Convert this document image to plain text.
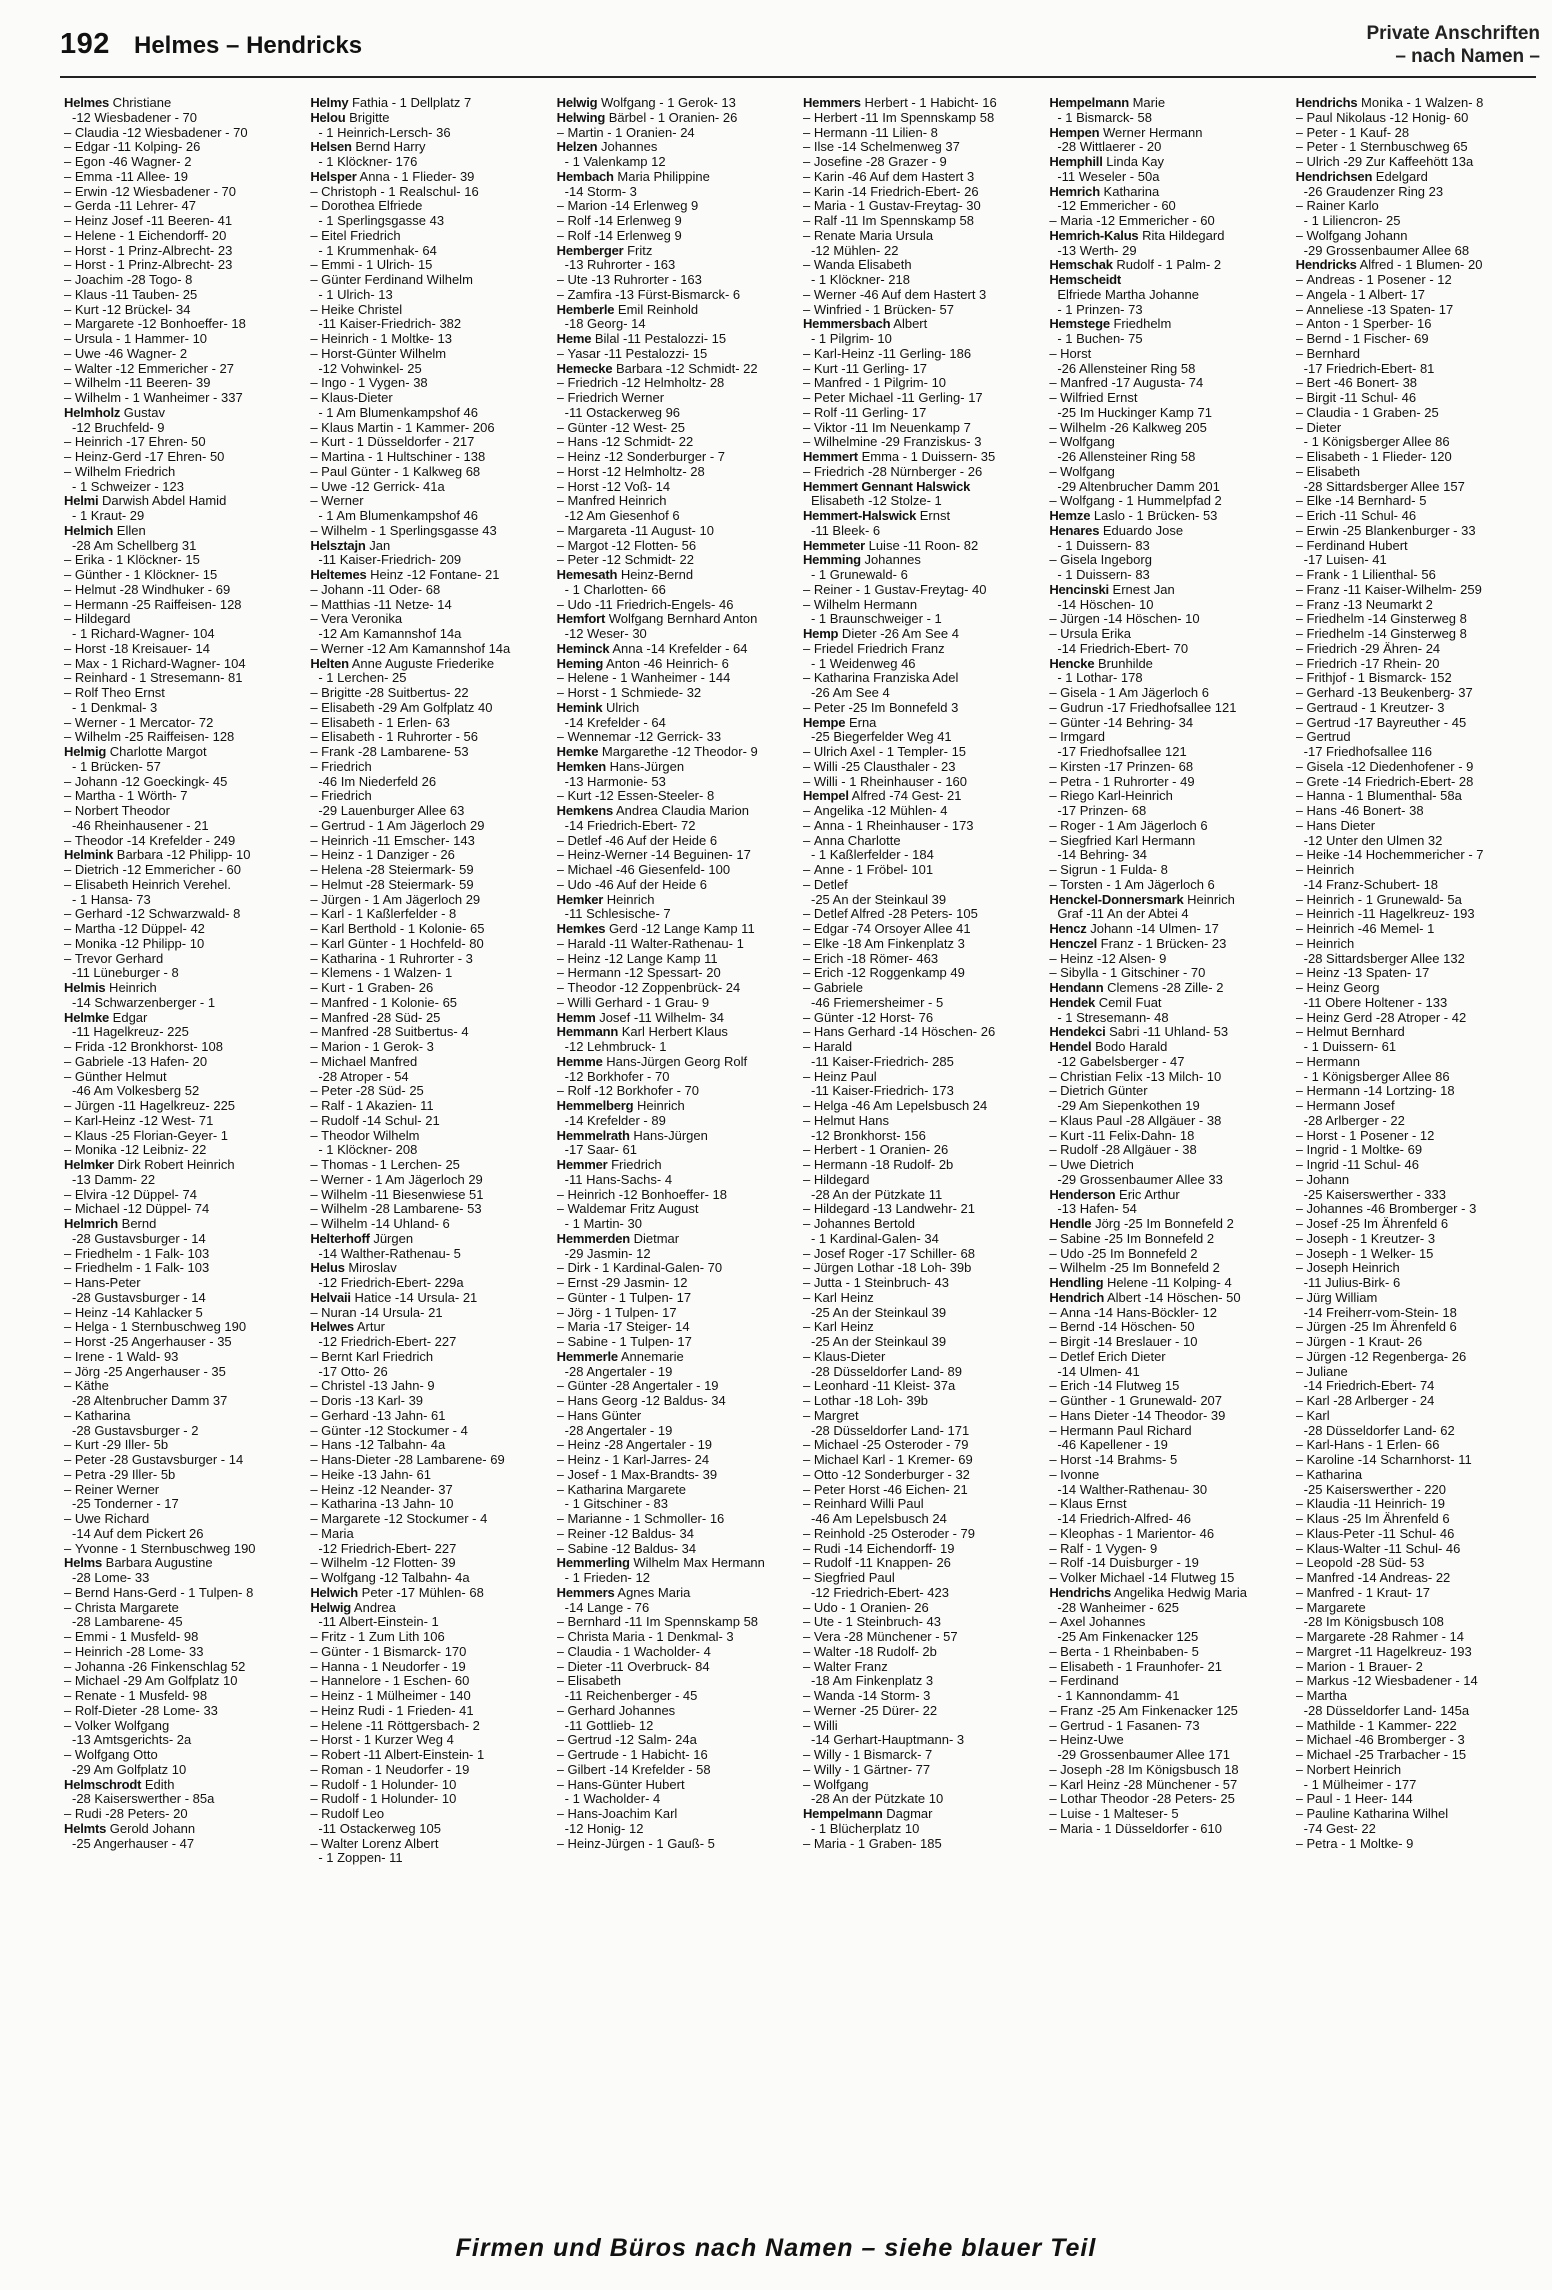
192 Helmes – Hendricks	Private Anschriften
– nach Namen –
Helmes Christiane
-12 Wiesbadener - 70
– Claudia -12 Wiesbadener - 70
– Edgar -11 Kolping- 26
– Egon -46 Wagner- 2
– Emma -11 Allee- 19
– Erwin -12 Wiesbadener - 70
– Gerda -11 Lehrer- 47
– Heinz Josef -11 Beeren- 41
– Helene - 1 Eichendorff- 20
– Horst - 1 Prinz-Albrecht- 23
– Horst - 1 Prinz-Albrecht- 23
– Joachim -28 Togo- 8
– Klaus -11 Tauben- 25
– Kurt -12 Brückel- 34
– Margarete -12 Bonhoeffer- 18
– Ursula - 1 Hammer- 10
– Uwe -46 Wagner- 2
– Walter -12 Emmericher - 27
– Wilhelm -11 Beeren- 39
– Wilhelm - 1 Wanheimer - 337
Helmholz Gustav
-12 Bruchfeld- 9
– Heinrich -17 Ehren- 50
– Heinz-Gerd -17 Ehren- 50
– Wilhelm Friedrich
- 1 Schweizer - 123
Helmi Darwish Abdel Hamid
- 1 Kraut- 29
Helmich Ellen
-28 Am Schellberg 31
– Erika - 1 Klöckner- 15
– Günther - 1 Klöckner- 15
– Helmut -28 Windhuker - 69
– Hermann -25 Raiffeisen- 128
– Hildegard
- 1 Richard-Wagner- 104
– Horst -18 Kreisauer- 14
– Max - 1 Richard-Wagner- 104
– Reinhard - 1 Stresemann- 81
– Rolf Theo Ernst
- 1 Denkmal- 3
– Werner - 1 Mercator- 72
– Wilhelm -25 Raiffeisen- 128
Helmig Charlotte Margot
- 1 Brücken- 57
– Johann -12 Goeckingk- 45
– Martha - 1 Wörth- 7
– Norbert Theodor
-46 Rheinhausener - 21
– Theodor -14 Krefelder - 249
Helmink Barbara -12 Philipp- 10
– Dietrich -12 Emmericher - 60
– Elisabeth Heinrich Verehel.
- 1 Hansa- 73
– Gerhard -12 Schwarzwald- 8
– Martha -12 Düppel- 42
– Monika -12 Philipp- 10
– Trevor Gerhard
-11 Lüneburger - 8
Helmis Heinrich
-14 Schwarzenberger - 1
Helmke Edgar
-11 Hagelkreuz- 225
– Frida -12 Bronkhorst- 108
– Gabriele -13 Hafen- 20
– Günther Helmut
-46 Am Volkesberg 52
– Jürgen -11 Hagelkreuz- 225
– Karl-Heinz -12 West- 71
– Klaus -25 Florian-Geyer- 1
– Monika -12 Leibniz- 22
Helmker Dirk Robert Heinrich
-13 Damm- 22
– Elvira -12 Düppel- 74
– Michael -12 Düppel- 74
Helmrich Bernd
-28 Gustavsburger - 14
– Friedhelm - 1 Falk- 103
– Friedhelm - 1 Falk- 103
– Hans-Peter
-28 Gustavsburger - 14
– Heinz -14 Kahlacker 5
– Helga - 1 Sternbuschweg 190
– Horst -25 Angerhauser - 35
– Irene - 1 Wald- 93
– Jörg -25 Angerhauser - 35
– Käthe
-28 Altenbrucher Damm 37
– Katharina
-28 Gustavsburger - 2
– Kurt -29 Iller- 5b
– Peter -28 Gustavsburger - 14
– Petra -29 Iller- 5b
– Reiner Werner
-25 Tonderner - 17
– Uwe Richard
-14 Auf dem Pickert 26
– Yvonne - 1 Sternbuschweg 190
Helms Barbara Augustine
-28 Lome- 33
– Bernd Hans-Gerd - 1 Tulpen- 8
– Christa Margarete
-28 Lambarene- 45
– Emmi - 1 Musfeld- 98
– Heinrich -28 Lome- 33
– Johanna -26 Finkenschlag 52
– Michael -29 Am Golfplatz 10
– Renate - 1 Musfeld- 98
– Rolf-Dieter -28 Lome- 33
– Volker Wolfgang
-13 Amtsgerichts- 2a
– Wolfgang Otto
-29 Am Golfplatz 10
Helmschrodt Edith
-28 Kaiserswerther - 85a
– Rudi -28 Peters- 20
Helmts Gerold Johann
-25 Angerhauser - 47
Helmy Fathia - 1 Dellplatz 7
Helou Brigitte
- 1 Heinrich-Lersch- 36
Helsen Bernd Harry
- 1 Klöckner- 176
Helsper Anna - 1 Flieder- 39
– Christoph - 1 Realschul- 16
– Dorothea Elfriede
- 1 Sperlingsgasse 43
– Eitel Friedrich
- 1 Krummenhak- 64
– Emmi - 1 Ulrich- 15
– Günter Ferdinand Wilhelm
- 1 Ulrich- 13
– Heike Christel
-11 Kaiser-Friedrich- 382
– Heinrich - 1 Moltke- 13
– Horst-Günter Wilhelm
-12 Vohwinkel- 25
– Ingo - 1 Vygen- 38
– Klaus-Dieter
- 1 Am Blumenkampshof 46
– Klaus Martin - 1 Kammer- 206
– Kurt - 1 Düsseldorfer - 217
– Martina - 1 Hultschiner - 138
– Paul Günter - 1 Kalkweg 68
– Uwe -12 Gerrick- 41a
– Werner
- 1 Am Blumenkampshof 46
– Wilhelm - 1 Sperlingsgasse 43
Helsztajn Jan
-11 Kaiser-Friedrich- 209
Heltemes Heinz -12 Fontane- 21
– Johann -11 Oder- 68
– Matthias -11 Netze- 14
– Vera Veronika
-12 Am Kamannshof 14a
– Werner -12 Am Kamannshof 14a
Helten Anne Auguste Friederike
- 1 Lerchen- 25
– Brigitte -28 Suitbertus- 22
– Elisabeth -29 Am Golfplatz 40
– Elisabeth - 1 Erlen- 63
– Elisabeth - 1 Ruhrorter - 56
– Frank -28 Lambarene- 53
– Friedrich
-46 Im Niederfeld 26
– Friedrich
-29 Lauenburger Allee 63
– Gertrud - 1 Am Jägerloch 29
– Heinrich -11 Emscher- 143
– Heinz - 1 Danziger - 26
– Helena -28 Steiermark- 59
– Helmut -28 Steiermark- 59
– Jürgen - 1 Am Jägerloch 29
– Karl - 1 Kaßlerfelder - 8
– Karl Berthold - 1 Kolonie- 65
– Karl Günter - 1 Hochfeld- 80
– Katharina - 1 Ruhrorter - 3
– Klemens - 1 Walzen- 1
– Kurt - 1 Graben- 26
– Manfred - 1 Kolonie- 65
– Manfred -28 Süd- 25
– Manfred -28 Suitbertus- 4
– Marion - 1 Gerok- 3
– Michael Manfred
-28 Atroper - 54
– Peter -28 Süd- 25
– Ralf - 1 Akazien- 11
– Rudolf -14 Schul- 21
– Theodor Wilhelm
- 1 Klöckner- 208
– Thomas - 1 Lerchen- 25
– Werner - 1 Am Jägerloch 29
– Wilhelm -11 Biesenwiese 51
– Wilhelm -28 Lambarene- 53
– Wilhelm -14 Uhland- 6
Helterhoff Jürgen
-14 Walther-Rathenau- 5
Helus Miroslav
-12 Friedrich-Ebert- 229a
Helvaii Hatice -14 Ursula- 21
– Nuran -14 Ursula- 21
Helwes Artur
-12 Friedrich-Ebert- 227
– Bernt Karl Friedrich
-17 Otto- 26
– Christel -13 Jahn- 9
– Doris -13 Karl- 39
– Gerhard -13 Jahn- 61
– Günter -12 Stockumer - 4
– Hans -12 Talbahn- 4a
– Hans-Dieter -28 Lambarene- 69
– Heike -13 Jahn- 61
– Heinz -12 Neander- 37
– Katharina -13 Jahn- 10
– Margarete -12 Stockumer - 4
– Maria
-12 Friedrich-Ebert- 227
– Wilhelm -12 Flotten- 39
– Wolfgang -12 Talbahn- 4a
Helwich Peter -17 Mühlen- 68
Helwig Andrea
-11 Albert-Einstein- 1
– Fritz - 1 Zum Lith 106
– Günter - 1 Bismarck- 170
– Hanna - 1 Neudorfer - 19
– Hannelore - 1 Eschen- 60
– Heinz - 1 Mülheimer - 140
– Heinz Rudi - 1 Frieden- 41
– Helene -11 Röttgersbach- 2
– Horst - 1 Kurzer Weg 4
– Robert -11 Albert-Einstein- 1
– Roman - 1 Neudorfer - 19
– Rudolf - 1 Holunder- 10
– Rudolf - 1 Holunder- 10
– Rudolf Leo
-11 Ostackerweg 105
– Walter Lorenz Albert
- 1 Zoppen- 11
Helwig Wolfgang - 1 Gerok- 13
Helwing Bärbel - 1 Oranien- 26
– Martin - 1 Oranien- 24
Helzen Johannes
- 1 Valenkamp 12
Hembach Maria Philippine
-14 Storm- 3
– Marion -14 Erlenweg 9
– Rolf -14 Erlenweg 9
– Rolf -14 Erlenweg 9
Hemberger Fritz
-13 Ruhrorter - 163
– Ute -13 Ruhrorter - 163
– Zamfira -13 Fürst-Bismarck- 6
Hemberle Emil Reinhold
-18 Georg- 14
Heme Bilal -11 Pestalozzi- 15
– Yasar -11 Pestalozzi- 15
Hemecke Barbara -12 Schmidt- 22
– Friedrich -12 Helmholtz- 28
– Friedrich Werner
-11 Ostackerweg 96
– Günter -12 West- 25
– Hans -12 Schmidt- 22
– Heinz -12 Sonderburger - 7
– Horst -12 Helmholtz- 28
– Horst -12 Voß- 14
– Manfred Heinrich
-12 Am Giesenhof 6
– Margareta -11 August- 10
– Margot -12 Flotten- 56
– Peter -12 Schmidt- 22
Hemesath Heinz-Bernd
- 1 Charlotten- 66
– Udo -11 Friedrich-Engels- 46
Hemfort Wolfgang Bernhard Anton
-12 Weser- 30
Heminck Anna -14 Krefelder - 64
Heming Anton -46 Heinrich- 6
– Helene - 1 Wanheimer - 144
– Horst - 1 Schmiede- 32
Hemink Ulrich
-14 Krefelder - 64
– Wennemar -12 Gerrick- 33
Hemke Margarethe -12 Theodor- 9
Hemken Hans-Jürgen
-13 Harmonie- 53
– Kurt -12 Essen-Steeler- 8
Hemkens Andrea Claudia Marion
-14 Friedrich-Ebert- 72
– Detlef -46 Auf der Heide 6
– Heinz-Werner -14 Beguinen- 17
– Michael -46 Giesenfeld- 100
– Udo -46 Auf der Heide 6
Hemker Heinrich
-11 Schlesische- 7
Hemkes Gerd -12 Lange Kamp 11
– Harald -11 Walter-Rathenau- 1
– Heinz -12 Lange Kamp 11
– Hermann -12 Spessart- 20
– Theodor -12 Zoppenbrück- 24
– Willi Gerhard - 1 Grau- 9
Hemm Josef -11 Wilhelm- 34
Hemmann Karl Herbert Klaus
-12 Lehmbruck- 1
Hemme Hans-Jürgen Georg Rolf
-12 Borkhofer - 70
– Rolf -12 Borkhofer - 70
Hemmelberg Heinrich
-14 Krefelder - 89
Hemmelrath Hans-Jürgen
-17 Saar- 61
Hemmer Friedrich
-11 Hans-Sachs- 4
– Heinrich -12 Bonhoeffer- 18
– Waldemar Fritz August
- 1 Martin- 30
Hemmerden Dietmar
-29 Jasmin- 12
– Dirk - 1 Kardinal-Galen- 70
– Ernst -29 Jasmin- 12
– Günter - 1 Tulpen- 17
– Jörg - 1 Tulpen- 17
– Maria -17 Steiger- 14
– Sabine - 1 Tulpen- 17
Hemmerle Annemarie
-28 Angertaler - 19
– Günter -28 Angertaler - 19
– Hans Georg -12 Baldus- 34
– Hans Günter
-28 Angertaler - 19
– Heinz -28 Angertaler - 19
– Heinz - 1 Karl-Jarres- 24
– Josef - 1 Max-Brandts- 39
– Katharina Margarete
- 1 Gitschiner - 83
– Marianne - 1 Schmoller- 16
– Reiner -12 Baldus- 34
– Sabine -12 Baldus- 34
Hemmerling Wilhelm Max Hermann
- 1 Frieden- 12
Hemmers Agnes Maria
-14 Lange - 76
– Bernhard -11 Im Spennskamp 58
– Christa Maria - 1 Denkmal- 3
– Claudia - 1 Wacholder- 4
– Dieter -11 Overbruck- 84
– Elisabeth
-11 Reichenberger - 45
– Gerhard Johannes
-11 Gottlieb- 12
– Gertrud -12 Salm- 24a
– Gertrude - 1 Habicht- 16
– Gilbert -14 Krefelder - 58
– Hans-Günter Hubert
- 1 Wacholder- 4
– Hans-Joachim Karl
-12 Honig- 12
– Heinz-Jürgen - 1 Gauß- 5
Hemmers Herbert - 1 Habicht- 16
– Herbert -11 Im Spennskamp 58
– Hermann -11 Lilien- 8
– Ilse -14 Schelmenweg 37
– Josefine -28 Grazer - 9
– Karin -46 Auf dem Hastert 3
– Karin -14 Friedrich-Ebert- 26
– Maria - 1 Gustav-Freytag- 30
– Ralf -11 Im Spennskamp 58
– Renate Maria Ursula
-12 Mühlen- 22
– Wanda Elisabeth
- 1 Klöckner- 218
– Werner -46 Auf dem Hastert 3
– Winfried - 1 Brücken- 57
Hemmersbach Albert
- 1 Pilgrim- 10
– Karl-Heinz -11 Gerling- 186
– Kurt -11 Gerling- 17
– Manfred - 1 Pilgrim- 10
– Peter Michael -11 Gerling- 17
– Rolf -11 Gerling- 17
– Viktor -11 Im Neuenkamp 7
– Wilhelmine -29 Franziskus- 3
Hemmert Emma - 1 Duissern- 35
– Friedrich -28 Nürnberger - 26
Hemmert Gennant Halswick
Elisabeth -12 Stolze- 1
Hemmert-Halswick Ernst
-11 Bleek- 6
Hemmeter Luise -11 Roon- 82
Hemming Johannes
- 1 Grunewald- 6
– Reiner - 1 Gustav-Freytag- 40
– Wilhelm Hermann
- 1 Braunschweiger - 1
Hemp Dieter -26 Am See 4
– Friedel Friedrich Franz
- 1 Weidenweg 46
– Katharina Franziska Adel
-26 Am See 4
– Peter -25 Im Bonnefeld 3
Hempe Erna
-25 Biegerfelder Weg 41
– Ulrich Axel - 1 Templer- 15
– Willi -25 Clausthaler - 23
– Willi - 1 Rheinhauser - 160
Hempel Alfred -74 Gest- 21
– Angelika -12 Mühlen- 4
– Anna - 1 Rheinhauser - 173
– Anna Charlotte
- 1 Kaßlerfelder - 184
– Anne - 1 Fröbel- 101
– Detlef
-25 An der Steinkaul 39
– Detlef Alfred -28 Peters- 105
– Edgar -74 Orsoyer Allee 41
– Elke -18 Am Finkenplatz 3
– Erich -18 Römer- 463
– Erich -12 Roggenkamp 49
– Gabriele
-46 Friemersheimer - 5
– Günter -12 Horst- 76
– Hans Gerhard -14 Höschen- 26
– Harald
-11 Kaiser-Friedrich- 285
– Heinz Paul
-11 Kaiser-Friedrich- 173
– Helga -46 Am Lepelsbusch 24
– Helmut Hans
-12 Bronkhorst- 156
– Herbert - 1 Oranien- 26
– Hermann -18 Rudolf- 2b
– Hildegard
-28 An der Pützkate 11
– Hildegard -13 Landwehr- 21
– Johannes Bertold
- 1 Kardinal-Galen- 34
– Josef Roger -17 Schiller- 68
– Jürgen Lothar -18 Loh- 39b
– Jutta - 1 Steinbruch- 43
– Karl Heinz
-25 An der Steinkaul 39
– Karl Heinz
-25 An der Steinkaul 39
– Klaus-Dieter
-28 Düsseldorfer Land- 89
– Leonhard -11 Kleist- 37a
– Lothar -18 Loh- 39b
– Margret
-28 Düsseldorfer Land- 171
– Michael -25 Osteroder - 79
– Michael Karl - 1 Kremer- 69
– Otto -12 Sonderburger - 32
– Peter Horst -46 Eichen- 21
– Reinhard Willi Paul
-46 Am Lepelsbusch 24
– Reinhold -25 Osteroder - 79
– Rudi -14 Eichendorff- 19
– Rudolf -11 Knappen- 26
– Siegfried Paul
-12 Friedrich-Ebert- 423
– Udo - 1 Oranien- 26
– Ute - 1 Steinbruch- 43
– Vera -28 Münchener - 57
– Walter -18 Rudolf- 2b
– Walter Franz
-18 Am Finkenplatz 3
– Wanda -14 Storm- 3
– Werner -25 Dürer- 22
– Willi
-14 Gerhart-Hauptmann- 3
– Willy - 1 Bismarck- 7
– Willy - 1 Gärtner- 77
– Wolfgang
-28 An der Pützkate 10
Hempelmann Dagmar
- 1 Blücherplatz 10
– Maria - 1 Graben- 185
Hempelmann Marie
- 1 Bismarck- 58
Hempen Werner Hermann
-28 Wittlaerer - 20
Hemphill Linda Kay
-11 Weseler - 50a
Hemrich Katharina
-12 Emmericher - 60
– Maria -12 Emmericher - 60
Hemrich-Kalus Rita Hildegard
-13 Werth- 29
Hemschak Rudolf - 1 Palm- 2
Hemscheidt
Elfriede Martha Johanne
- 1 Prinzen- 73
Hemstege Friedhelm
- 1 Buchen- 75
– Horst
-26 Allensteiner Ring 58
– Manfred -17 Augusta- 74
– Wilfried Ernst
-25 Im Huckinger Kamp 71
– Wilhelm -26 Kalkweg 205
– Wolfgang
-26 Allensteiner Ring 58
– Wolfgang
-29 Altenbrucher Damm 201
– Wolfgang - 1 Hummelpfad 2
Hemze Laslo - 1 Brücken- 53
Henares Eduardo Jose
- 1 Duissern- 83
– Gisela Ingeborg
- 1 Duissern- 83
Hencinski Ernest Jan
-14 Höschen- 10
– Jürgen -14 Höschen- 10
– Ursula Erika
-14 Friedrich-Ebert- 70
Hencke Brunhilde
- 1 Lothar- 178
– Gisela - 1 Am Jägerloch 6
– Gudrun -17 Friedhofsallee 121
– Günter -14 Behring- 34
– Irmgard
-17 Friedhofsallee 121
– Kirsten -17 Prinzen- 68
– Petra - 1 Ruhrorter - 49
– Riego Karl-Heinrich
-17 Prinzen- 68
– Roger - 1 Am Jägerloch 6
– Siegfried Karl Hermann
-14 Behring- 34
– Sigrun - 1 Fulda- 8
– Torsten - 1 Am Jägerloch 6
Henckel-Donnersmark Heinrich
Graf -11 An der Abtei 4
Hencz Johann -14 Ulmen- 17
Henczel Franz - 1 Brücken- 23
– Heinz -12 Alsen- 9
– Sibylla - 1 Gitschiner - 70
Hendann Clemens -28 Zille- 2
Hendek Cemil Fuat
- 1 Stresemann- 48
Hendekci Sabri -11 Uhland- 53
Hendel Bodo Harald
-12 Gabelsberger - 47
– Christian Felix -13 Milch- 10
– Dietrich Günter
-29 Am Siepenkothen 19
– Klaus Paul -28 Allgäuer - 38
– Kurt -11 Felix-Dahn- 18
– Rudolf -28 Allgäuer - 38
– Uwe Dietrich
-29 Grossenbaumer Allee 33
Henderson Eric Arthur
-13 Hafen- 54
Hendle Jörg -25 Im Bonnefeld 2
– Sabine -25 Im Bonnefeld 2
– Udo -25 Im Bonnefeld 2
– Wilhelm -25 Im Bonnefeld 2
Hendling Helene -11 Kolping- 4
Hendrich Albert -14 Höschen- 50
– Anna -14 Hans-Böckler- 12
– Bernd -14 Höschen- 50
– Birgit -14 Breslauer - 10
– Detlef Erich Dieter
-14 Ulmen- 41
– Erich -14 Flutweg 15
– Günther - 1 Grunewald- 207
– Hans Dieter -14 Theodor- 39
– Hermann Paul Richard
-46 Kapellener - 19
– Horst -14 Brahms- 5
– Ivonne
-14 Walther-Rathenau- 30
– Klaus Ernst
-14 Friedrich-Alfred- 46
– Kleophas - 1 Marientor- 46
– Ralf - 1 Vygen- 9
– Rolf -14 Duisburger - 19
– Volker Michael -14 Flutweg 15
Hendrichs Angelika Hedwig Maria
-28 Wanheimer - 625
– Axel Johannes
-25 Am Finkenacker 125
– Berta - 1 Rheinbaben- 5
– Elisabeth - 1 Fraunhofer- 21
– Ferdinand
- 1 Kannondamm- 41
– Franz -25 Am Finkenacker 125
– Gertrud - 1 Fasanen- 73
– Heinz-Uwe
-29 Grossenbaumer Allee 171
– Joseph -28 Im Königsbusch 18
– Karl Heinz -28 Münchener - 57
– Lothar Theodor -28 Peters- 25
– Luise - 1 Malteser- 5
– Maria - 1 Düsseldorfer - 610
Hendrichs Monika - 1 Walzen- 8
– Paul Nikolaus -12 Honig- 60
– Peter - 1 Kauf- 28
– Peter - 1 Sternbuschweg 65
– Ulrich -29 Zur Kaffeehött 13a
Hendrichsen Edelgard
-26 Graudenzer Ring 23
– Rainer Karlo
- 1 Liliencron- 25
– Wolfgang Johann
-29 Grossenbaumer Allee 68
Hendricks Alfred - 1 Blumen- 20
– Andreas - 1 Posener - 12
– Angela - 1 Albert- 17
– Anneliese -13 Spaten- 17
– Anton - 1 Sperber- 16
– Bernd - 1 Fischer- 69
– Bernhard
-17 Friedrich-Ebert- 81
– Bert -46 Bonert- 38
– Birgit -11 Schul- 46
– Claudia - 1 Graben- 25
– Dieter
- 1 Königsberger Allee 86
– Elisabeth - 1 Flieder- 120
– Elisabeth
-28 Sittardsberger Allee 157
– Elke -14 Bernhard- 5
– Erich -11 Schul- 46
– Erwin -25 Blankenburger - 33
– Ferdinand Hubert
-17 Luisen- 41
– Frank - 1 Lilienthal- 56
– Franz -11 Kaiser-Wilhelm- 259
– Franz -13 Neumarkt 2
– Friedhelm -14 Ginsterweg 8
– Friedhelm -14 Ginsterweg 8
– Friedrich -29 Ähren- 24
– Friedrich -17 Rhein- 20
– Frithjof - 1 Bismarck- 152
– Gerhard -13 Beukenberg- 37
– Gertraud - 1 Kreutzer- 3
– Gertrud -17 Bayreuther - 45
– Gertrud
-17 Friedhofsallee 116
– Gisela -12 Diedenhofener - 9
– Grete -14 Friedrich-Ebert- 28
– Hanna - 1 Blumenthal- 58a
– Hans -46 Bonert- 38
– Hans Dieter
-12 Unter den Ulmen 32
– Heike -14 Hochemmericher - 7
– Heinrich
-14 Franz-Schubert- 18
– Heinrich - 1 Grunewald- 5a
– Heinrich -11 Hagelkreuz- 193
– Heinrich -46 Memel- 1
– Heinrich
-28 Sittardsberger Allee 132
– Heinz -13 Spaten- 17
– Heinz Georg
-11 Obere Holtener - 133
– Heinz Gerd -28 Atroper - 42
– Helmut Bernhard
- 1 Duissern- 61
– Hermann
- 1 Königsberger Allee 86
– Hermann -14 Lortzing- 18
– Hermann Josef
-28 Arlberger - 22
– Horst - 1 Posener - 12
– Ingrid - 1 Moltke- 69
– Ingrid -11 Schul- 46
– Johann
-25 Kaiserswerther - 333
– Johannes -46 Bromberger - 3
– Josef -25 Im Ährenfeld 6
– Joseph - 1 Kreutzer- 3
– Joseph - 1 Welker- 15
– Joseph Heinrich
-11 Julius-Birk- 6
– Jürg William
-14 Freiherr-vom-Stein- 18
– Jürgen -25 Im Ährenfeld 6
– Jürgen - 1 Kraut- 26
– Jürgen -12 Regenberga- 26
– Juliane
-14 Friedrich-Ebert- 74
– Karl -28 Arlberger - 24
– Karl
-28 Düsseldorfer Land- 62
– Karl-Hans - 1 Erlen- 66
– Karoline -14 Scharnhorst- 11
– Katharina
-25 Kaiserswerther - 220
– Klaudia -11 Heinrich- 19
– Klaus -25 Im Ährenfeld 6
– Klaus-Peter -11 Schul- 46
– Klaus-Walter -11 Schul- 46
– Leopold -28 Süd- 53
– Manfred -14 Andreas- 22
– Manfred - 1 Kraut- 17
– Margarete
-28 Im Königsbusch 108
– Margarete -28 Rahmer - 14
– Margret -11 Hagelkreuz- 193
– Marion - 1 Brauer- 2
– Markus -12 Wiesbadener - 14
– Martha
-28 Düsseldorfer Land- 145a
– Mathilde - 1 Kammer- 222
– Michael -46 Bromberger - 3
– Michael -25 Trarbacher - 15
– Norbert Heinrich
- 1 Mülheimer - 177
– Paul - 1 Heer- 144
– Pauline Katharina Wilhel
-74 Gest- 22
– Petra - 1 Moltke- 9
Firmen und Büros nach Namen – siehe blauer Teil
